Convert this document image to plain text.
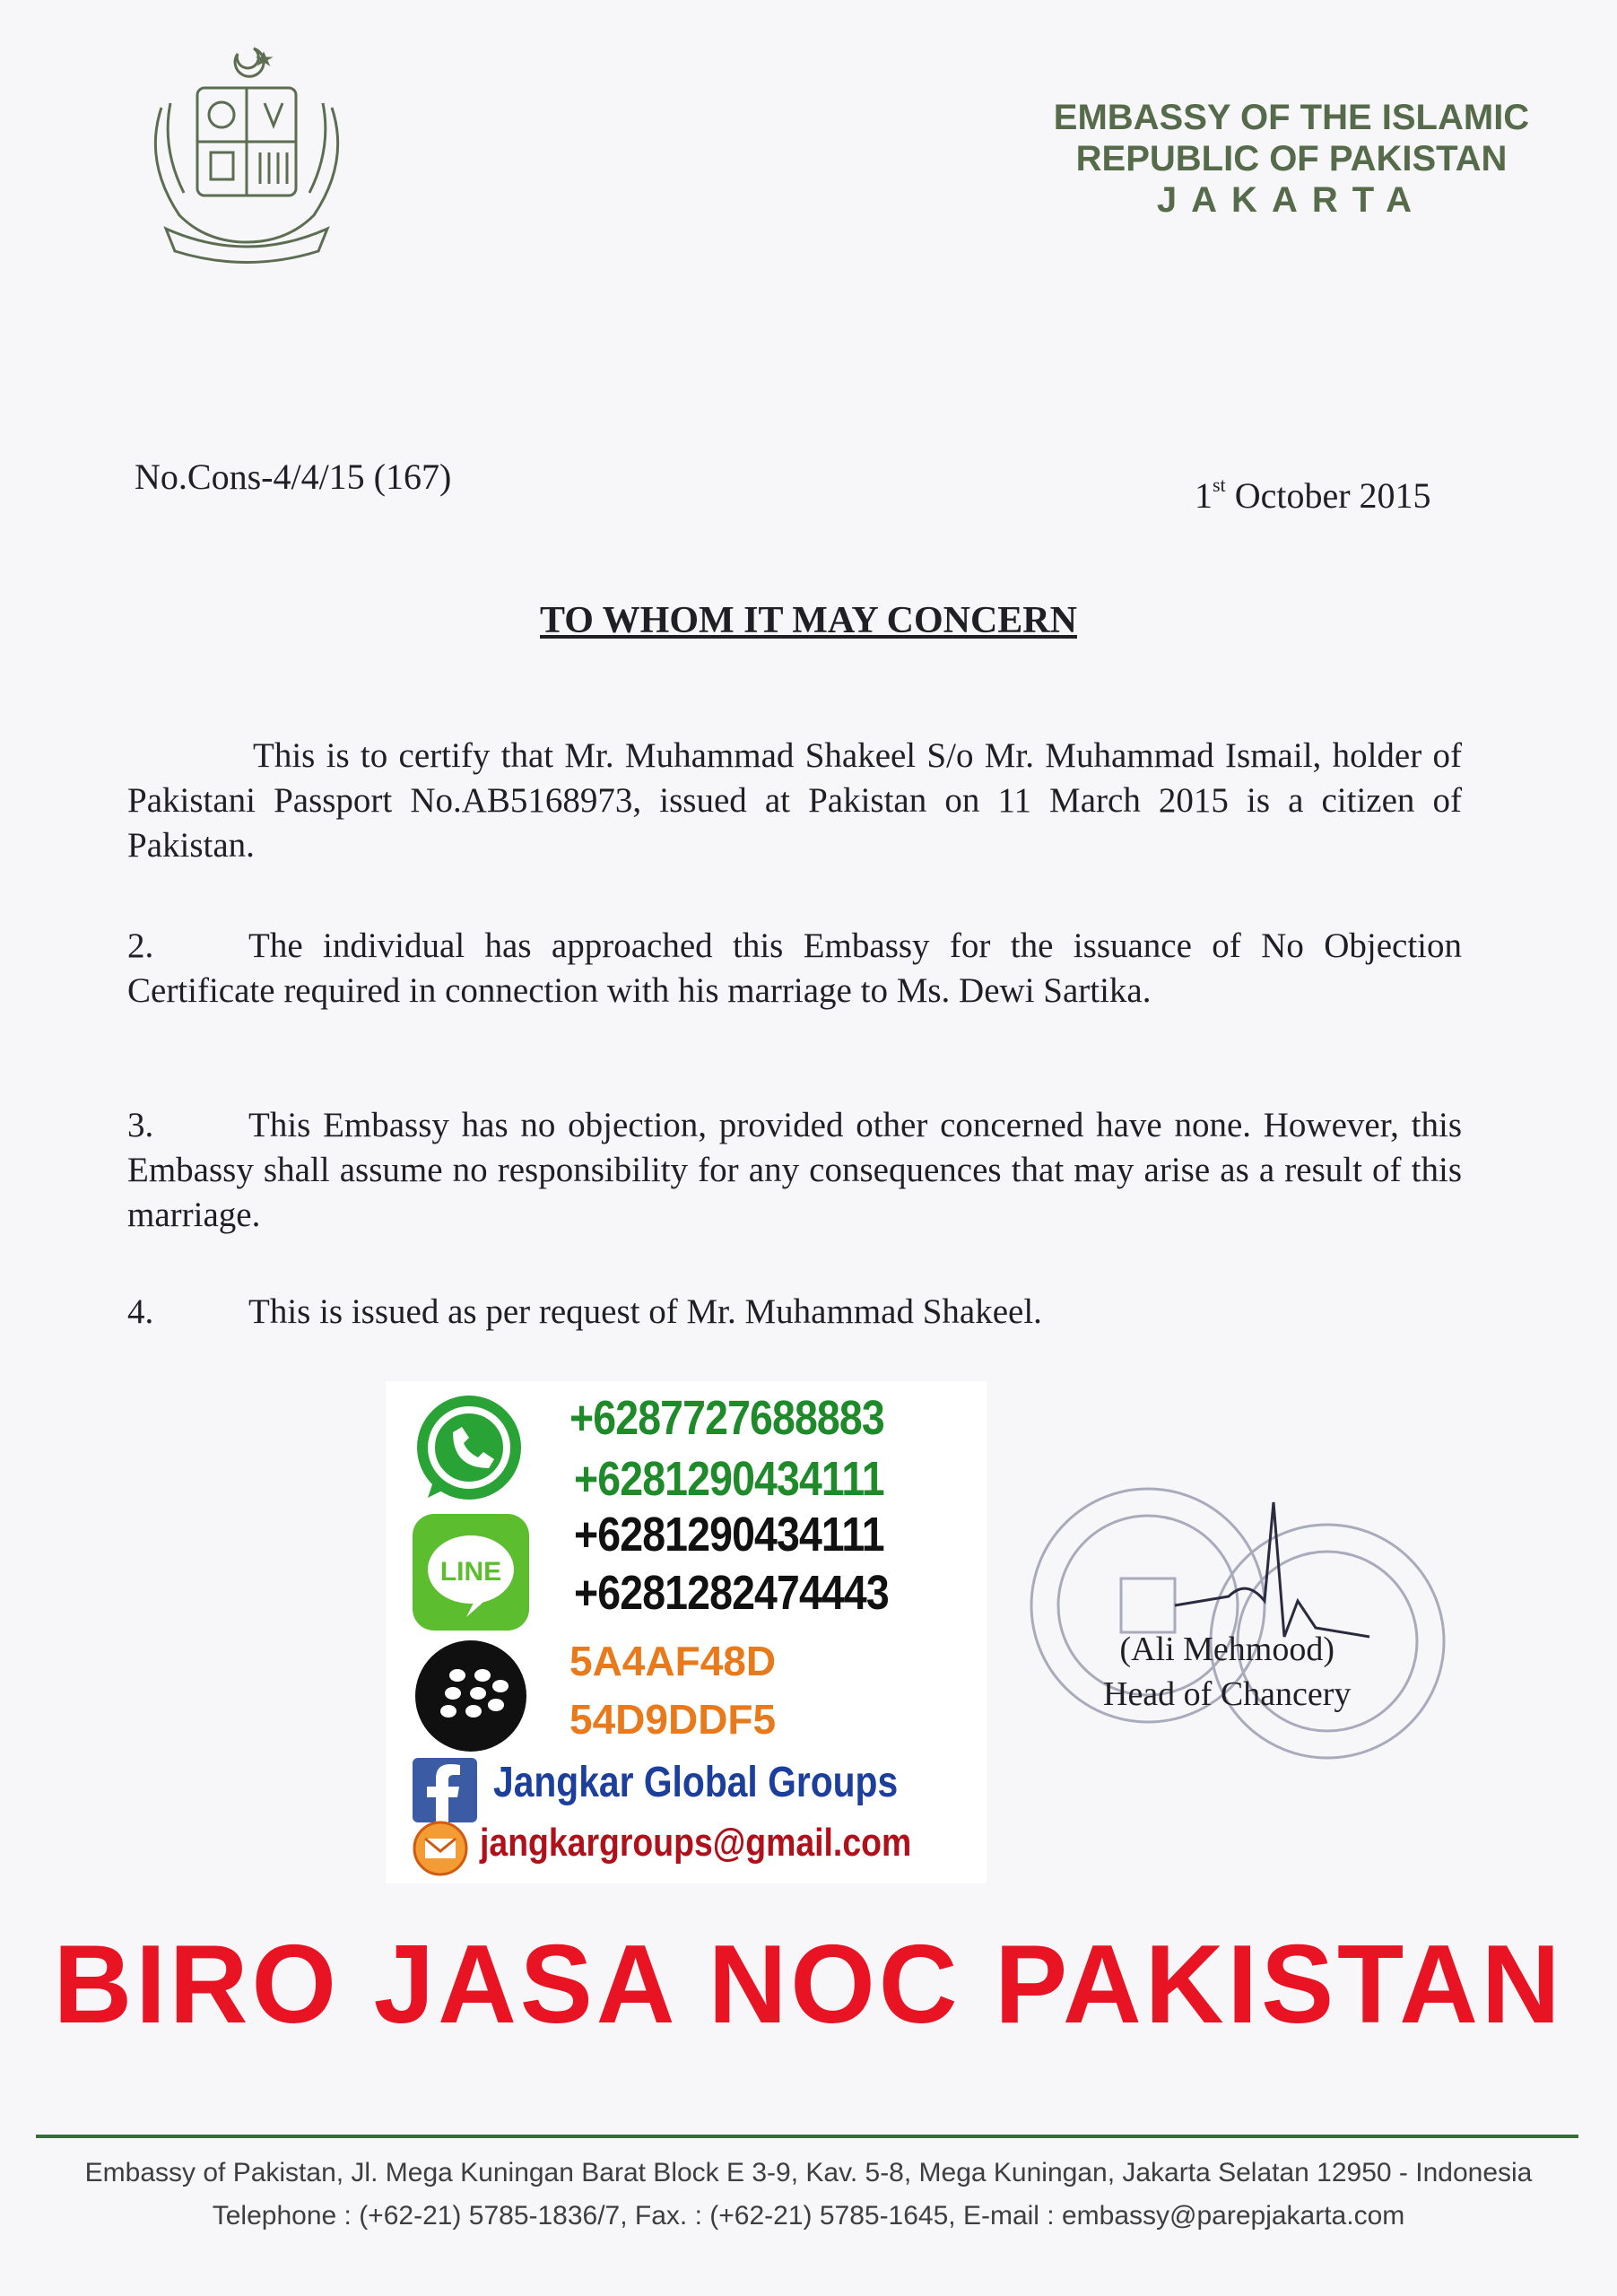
EMBASSY OF THE ISLAMIC
REPUBLIC OF PAKISTAN
JAKARTA
No.Cons-4/4/15 (167)	1st October 2015
TO WHOM IT MAY CONCERN
This is to certify that Mr. Muhammad Shakeel S/o Mr. Muhammad Ismail, holder of Pakistani Passport No.AB5168973, issued at Pakistan on 11 March 2015 is a citizen of Pakistan.
2.	The individual has approached this Embassy for the issuance of No Objection Certificate required in connection with his marriage to Ms. Dewi Sartika.
3.	This Embassy has no objection, provided other concerned have none. However, this Embassy shall assume no responsibility for any consequences that may arise as a result of this marriage.
4.	This is issued as per request of Mr. Muhammad Shakeel.
LINE
+6287727688883
+6281290434111
+6281290434111
+6281282474443
5A4AF48D
54D9DDF5
Jangkar Global Groups
jangkargroups@gmail.com
(Ali Mehmood)
Head of Chancery
BIRO JASA NOC PAKISTAN
Embassy of Pakistan, Jl. Mega Kuningan Barat Block E 3-9, Kav. 5-8, Mega Kuningan, Jakarta Selatan 12950 - Indonesia
Telephone : (+62-21) 5785-1836/7, Fax. : (+62-21) 5785-1645, E-mail : embassy@parepjakarta.com
